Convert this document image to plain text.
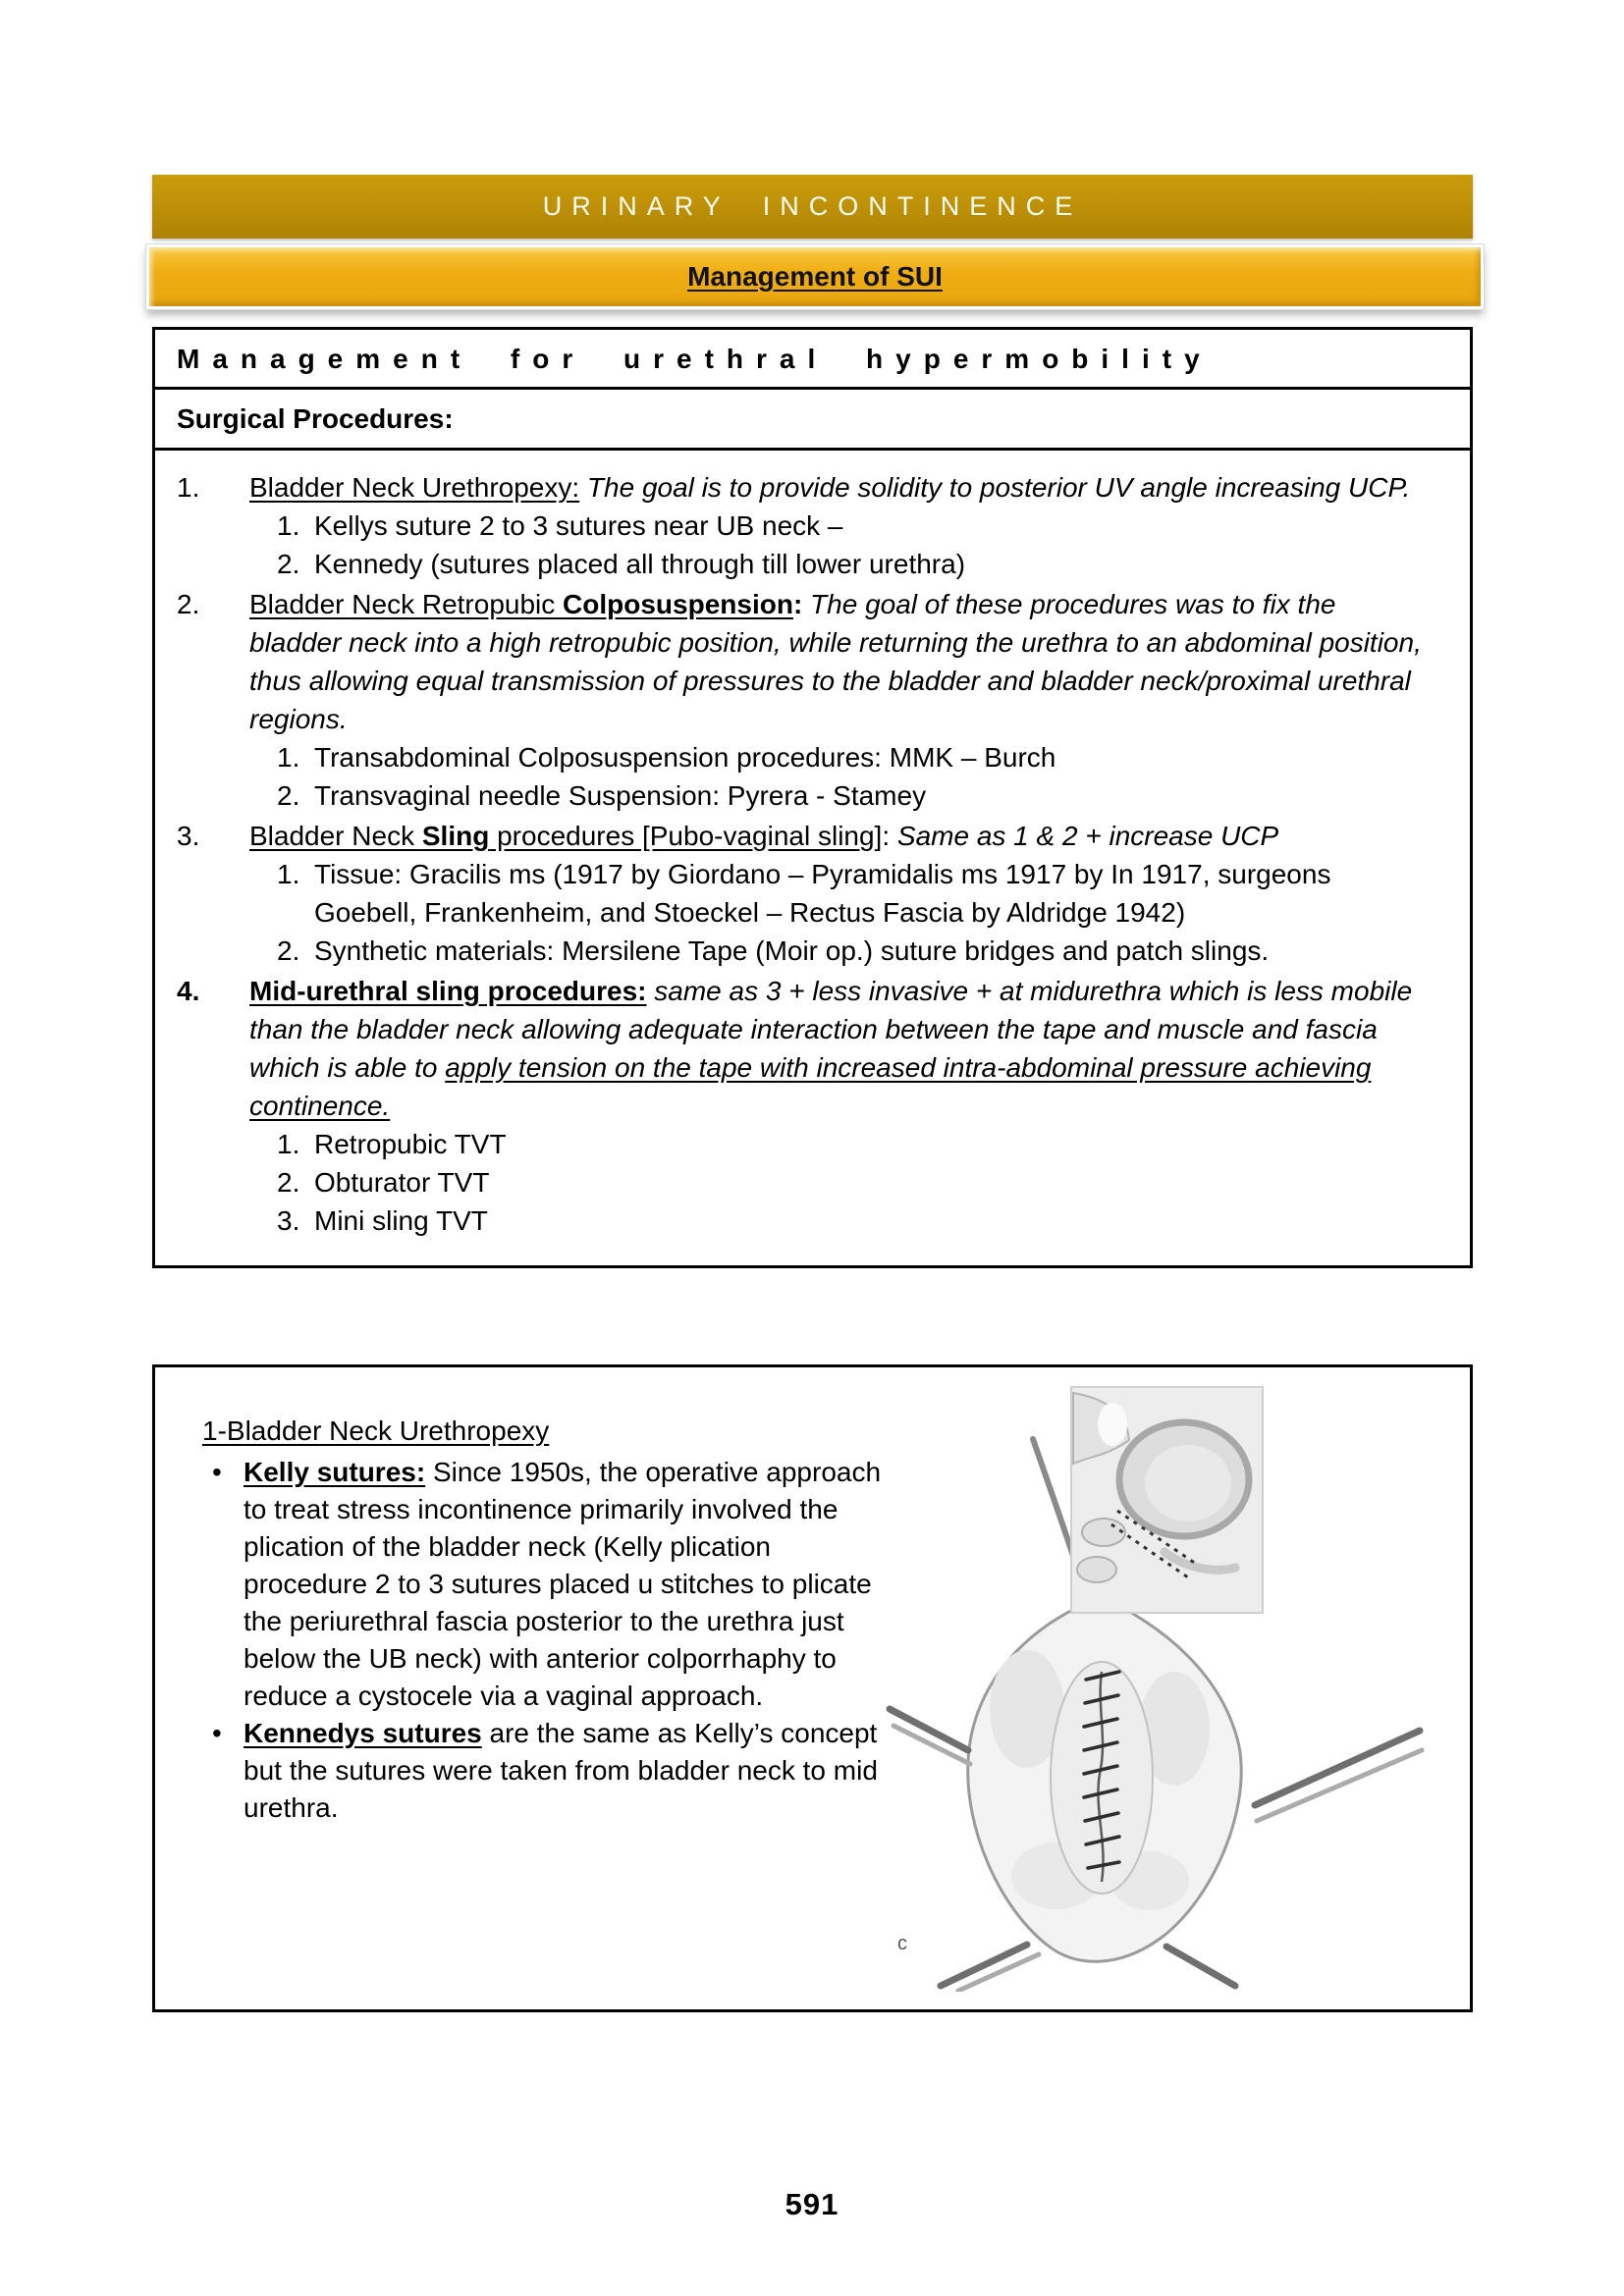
URINARY INCONTINENCE
Management of SUI
Management for urethral hypermobility
Surgical Procedures:
1.	Bladder Neck Urethropexy: The goal is to provide solidity to posterior UV angle increasing UCP.
1. Kellys suture 2 to 3 sutures near UB neck –
2. Kennedy (sutures placed all through till lower urethra)
2.	Bladder Neck Retropubic Colposuspension: The goal of these procedures was to fix the bladder neck into a high retropubic position, while returning the urethra to an abdominal position, thus allowing equal transmission of pressures to the bladder and bladder neck/proximal urethral regions.
1. Transabdominal Colposuspension procedures: MMK – Burch
2. Transvaginal needle Suspension: Pyrera - Stamey
3.	Bladder Neck Sling procedures [Pubo-vaginal sling]: Same as 1 & 2 + increase UCP
1. Tissue: Gracilis ms (1917 by Giordano – Pyramidalis ms 1917 by In 1917, surgeons Goebell, Frankenheim, and Stoeckel – Rectus Fascia by Aldridge 1942)
2. Synthetic materials: Mersilene Tape (Moir op.) suture bridges and patch slings.
4.	Mid-urethral sling procedures: same as 3 + less invasive + at midurethra which is less mobile than the bladder neck allowing adequate interaction between the tape and muscle and fascia which is able to apply tension on the tape with increased intra-abdominal pressure achieving continence.
1. Retropubic TVT
2. Obturator TVT
3. Mini sling TVT
1-Bladder Neck Urethropexy
• Kelly sutures: Since 1950s, the operative approach to treat stress incontinence primarily involved the plication of the bladder neck (Kelly plication procedure 2 to 3 sutures placed u stitches to plicate the periurethral fascia posterior to the urethra just below the UB neck) with anterior colporrhaphy to reduce a cystocele via a vaginal approach.
• Kennedys sutures are the same as Kelly’s concept but the sutures were taken from bladder neck to mid urethra.
c
591
